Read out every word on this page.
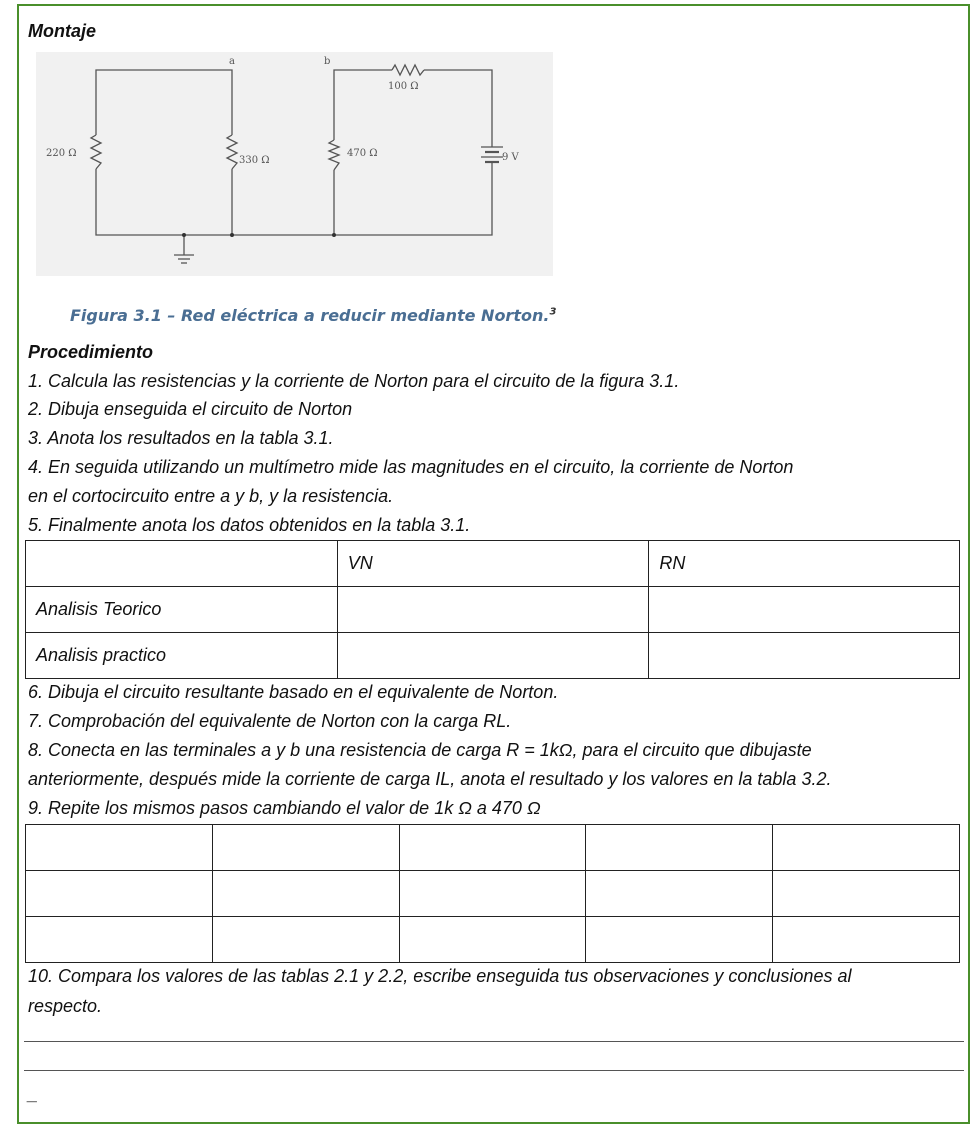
Montaje
a	b
220 Ω
330 Ω
470 Ω
100 Ω
9 V
Figura 3.1 – Red eléctrica a reducir mediante Norton.$^3$
Procedimiento
1. Calcula las resistencias y la corriente de Norton para el circuito de la figura 3.1.
2. Dibuja enseguida el circuito de Norton
3. Anota los resultados en la tabla 3.1.
4. En seguida utilizando un multímetro mide las magnitudes en el circuito, la corriente de Norton
en el cortocircuito entre a y b, y la resistencia.
5. Finalmente anota los datos obtenidos en la tabla 3.1.
	VN	RN
Analisis Teorico		
Analisis practico		
6. Dibuja el circuito resultante basado en el equivalente de Norton.
7. Comprobación del equivalente de Norton con la carga RL.
8. Conecta en las terminales a y b una resistencia de carga R = 1kΩ, para el circuito que dibujaste
anteriormente, después mide la corriente de carga IL, anota el resultado y los valores en la tabla 3.2.
9. Repite los mismos pasos cambiando el valor de 1k Ω a 470 Ω

10. Compara los valores de las tablas 2.1 y 2.2, escribe enseguida tus observaciones y conclusiones al
respecto.
_
